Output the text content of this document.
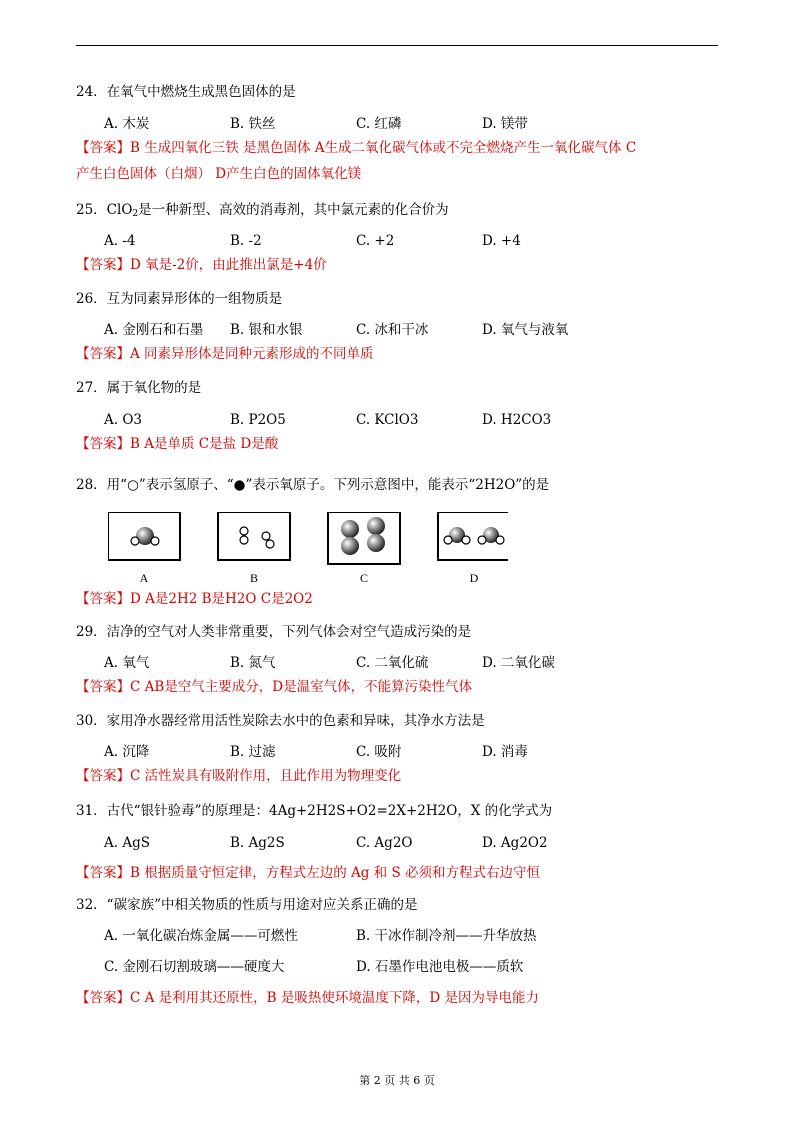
24．在氧气中燃烧生成黑色固体的是
A. 木炭	B. 铁丝	C. 红磷	D. 镁带
【答案】B 生成四氧化三铁 是黑色固体 A生成二氧化碳气体或不完全燃烧产生一氧化碳气体 C
产生白色固体（白烟） D产生白色的固体氧化镁
25．ClO$_2$是一种新型、高效的消毒剂，其中氯元素的化合价为
A. -4	B. -2	C. +2	D. +4
【答案】D 氧是-2价，由此推出氯是+4价
26．互为同素异形体的一组物质是
A. 金刚石和石墨 B. 银和水银	C. 冰和干冰	D. 氧气与液氧
【答案】A 同素异形体是同种元素形成的不同单质
27．属于氧化物的是
A. O3	B. P2O5	C. KClO3	D. H2CO3
【答案】B A是单质 C是盐 D是酸
28．用“○”表示氢原子、“●”表示氧原子。下列示意图中，能表示“2H2O”的是
A	B	C	D
【答案】D A是2H2 B是H2O C是2O2
29．洁净的空气对人类非常重要，下列气体会对空气造成污染的是
A. 氧气	B. 氮气	C. 二氧化硫	D. 二氧化碳
【答案】C AB是空气主要成分，D是温室气体，不能算污染性气体
30．家用净水器经常用活性炭除去水中的色素和异味，其净水方法是
A. 沉降	B. 过滤	C. 吸附	D. 消毒
【答案】C 活性炭具有吸附作用，且此作用为物理变化
31．古代“银针验毒”的原理是：4Ag+2H2S+O2=2X+2H2O，X 的化学式为
A. AgS	B. Ag2S	C. Ag2O	D. Ag2O2
【答案】B 根据质量守恒定律，方程式左边的 Ag 和 S 必须和方程式右边守恒
32．“碳家族”中相关物质的性质与用途对应关系正确的是
A. 一氧化碳冶炼金属——可燃性	B. 干冰作制冷剂——升华放热
C. 金刚石切割玻璃——硬度大	D. 石墨作电池电极——质软
【答案】C A 是利用其还原性，B 是吸热使环境温度下降，D 是因为导电能力
第 2 页 共 6 页
